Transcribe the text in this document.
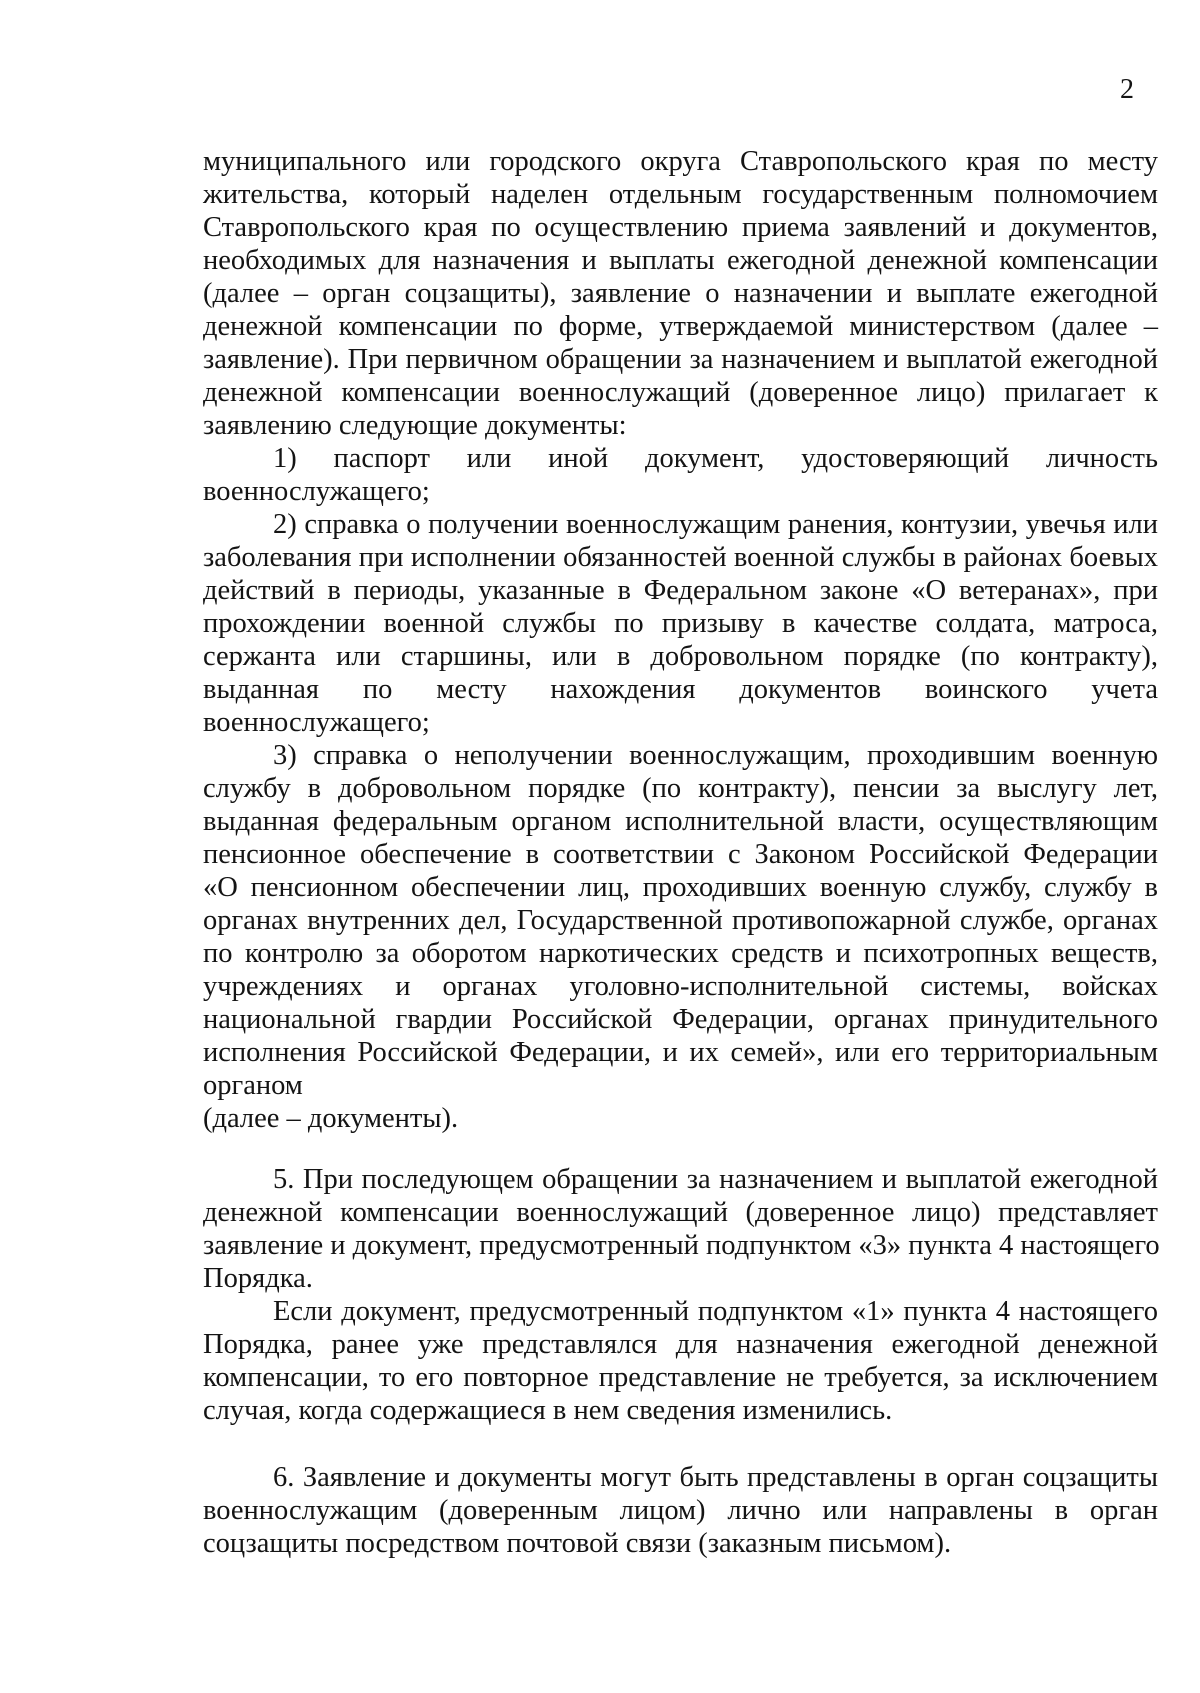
2
муниципального или городского округа Ставропольского края по месту
жительства, который наделен отдельным государственным полномочием
Ставропольского края по осуществлению приема заявлений и документов,
необходимых для назначения и выплаты ежегодной денежной компенсации
(далее – орган соцзащиты), заявление о назначении и выплате ежегодной
денежной компенсации по форме, утверждаемой министерством (далее –
заявление). При первичном обращении за назначением и выплатой ежегодной
денежной компенсации военнослужащий (доверенное лицо) прилагает к
заявлению следующие документы:
1) паспорт или иной документ, удостоверяющий личность
военнослужащего;
2) справка о получении военнослужащим ранения, контузии, увечья или
заболевания при исполнении обязанностей военной службы в районах боевых
действий в периоды, указанные в Федеральном законе «О ветеранах», при
прохождении военной службы по призыву в качестве солдата, матроса,
сержанта или старшины, или в добровольном порядке (по контракту),
выданная по месту нахождения документов воинского учета
военнослужащего;
3) справка о неполучении военнослужащим, проходившим военную
службу в добровольном порядке (по контракту), пенсии за выслугу лет,
выданная федеральным органом исполнительной власти, осуществляющим
пенсионное обеспечение в соответствии с Законом Российской Федерации
«О пенсионном обеспечении лиц, проходивших военную службу, службу в
органах внутренних дел, Государственной противопожарной службе, органах
по контролю за оборотом наркотических средств и психотропных веществ,
учреждениях и органах уголовно-исполнительной системы, войсках
национальной гвардии Российской Федерации, органах принудительного
исполнения Российской Федерации, и их семей», или его территориальным
органом
(далее – документы).
5. При последующем обращении за назначением и выплатой ежегодной
денежной компенсации военнослужащий (доверенное лицо) представляет
заявление и документ, предусмотренный подпунктом «3» пункта 4 настоящего
Порядка.
Если документ, предусмотренный подпунктом «1» пункта 4 настоящего
Порядка, ранее уже представлялся для назначения ежегодной денежной
компенсации, то его повторное представление не требуется, за исключением
случая, когда содержащиеся в нем сведения изменились.
6. Заявление и документы могут быть представлены в орган соцзащиты
военнослужащим (доверенным лицом) лично или направлены в орган
соцзащиты посредством почтовой связи (заказным письмом).
